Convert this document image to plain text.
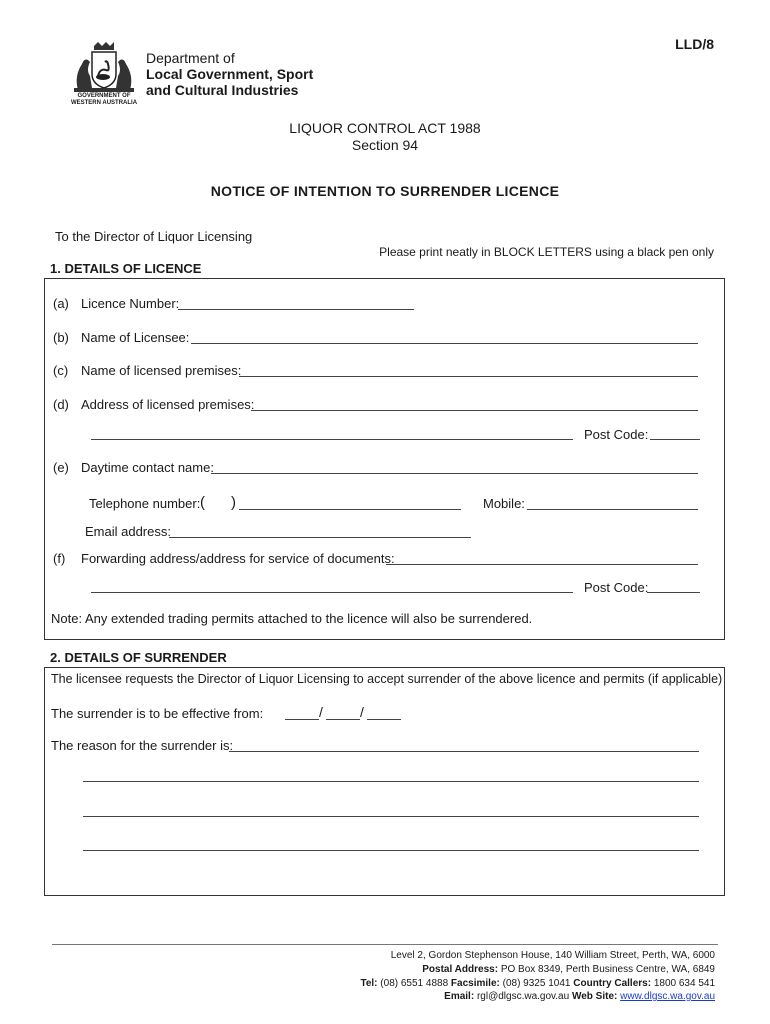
LLD/8
Department of
Local Government, Sport
and Cultural Industries
GOVERNMENT OF
WESTERN AUSTRALIA
LIQUOR CONTROL ACT 1988
Section 94
NOTICE OF INTENTION TO SURRENDER LICENCE
To the Director of Liquor Licensing
Please print neatly in BLOCK LETTERS using a black pen only
1. DETAILS OF LICENCE
(a) Licence Number:
(b) Name of Licensee:
(c) Name of licensed premises:
(d) Address of licensed premises:
Post Code:
(e) Daytime contact name:
Telephone number: ( )	Mobile:
Email address:
(f) Forwarding address/address for service of documents:
Post Code:
Note: Any extended trading permits attached to the licence will also be surrendered.
2. DETAILS OF SURRENDER
The licensee requests the Director of Liquor Licensing to accept surrender of the above licence and permits (if applicable)
The surrender is to be effective from:	/	/
The reason for the surrender is:
Level 2, Gordon Stephenson House, 140 William Street, Perth, WA, 6000
Postal Address: PO Box 8349, Perth Business Centre, WA, 6849
Tel: (08) 6551 4888 Facsimile: (08) 9325 1041 Country Callers: 1800 634 541
Email: rgl@dlgsc.wa.gov.au Web Site: www.dlgsc.wa.gov.au
